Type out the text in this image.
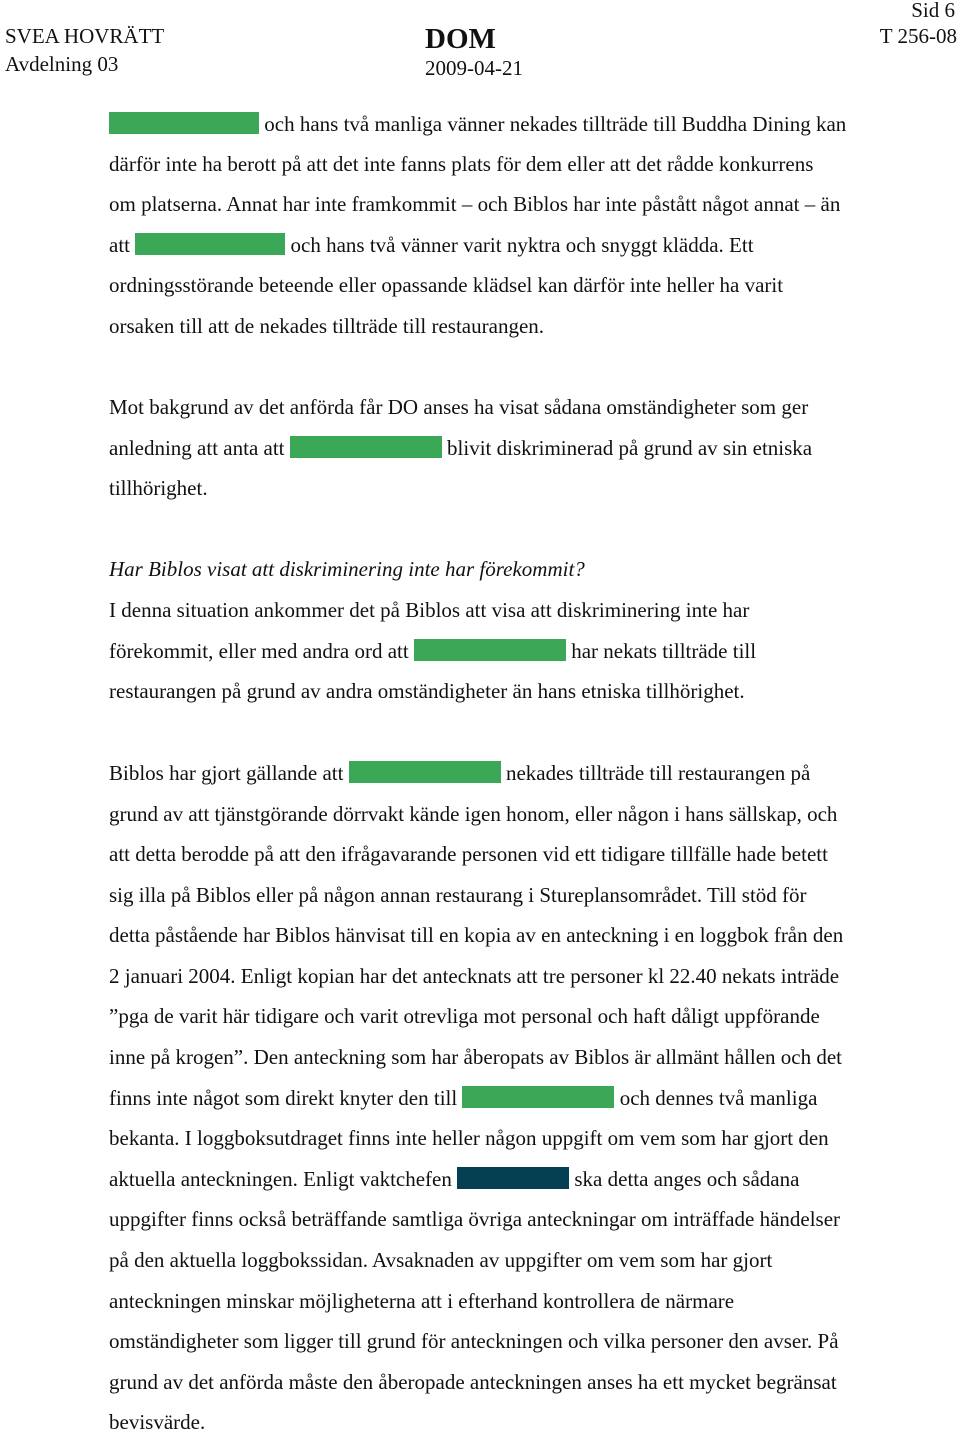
SVEA HOVRÄTT
Avdelning 03
DOM
2009-04-21
Sid 6
T 256-08
och hans två manliga vänner nekades tillträde till Buddha Dining kan
därför inte ha berott på att det inte fanns plats för dem eller att det rådde konkurrens
om platserna. Annat har inte framkommit – och Biblos har inte påstått något annat – än
att	och hans två vänner varit nyktra och snyggt klädda. Ett
ordningsstörande beteende eller opassande klädsel kan därför inte heller ha varit
orsaken till att de nekades tillträde till restaurangen.
Mot bakgrund av det anförda får DO anses ha visat sådana omständigheter som ger
anledning att anta att	blivit diskriminerad på grund av sin etniska
tillhörighet.
Har Biblos visat att diskriminering inte har förekommit?
I denna situation ankommer det på Biblos att visa att diskriminering inte har
förekommit, eller med andra ord att	har nekats tillträde till
restaurangen på grund av andra omständigheter än hans etniska tillhörighet.
Biblos har gjort gällande att	nekades tillträde till restaurangen på
grund av att tjänstgörande dörrvakt kände igen honom, eller någon i hans sällskap, och
att detta berodde på att den ifrågavarande personen vid ett tidigare tillfälle hade betett
sig illa på Biblos eller på någon annan restaurang i Stureplansområdet. Till stöd för
detta påstående har Biblos hänvisat till en kopia av en anteckning i en loggbok från den
2 januari 2004. Enligt kopian har det antecknats att tre personer kl 22.40 nekats inträde
”pga de varit här tidigare och varit otrevliga mot personal och haft dåligt uppförande
inne på krogen”. Den anteckning som har åberopats av Biblos är allmänt hållen och det
finns inte något som direkt knyter den till	och dennes två manliga
bekanta. I loggboksutdraget finns inte heller någon uppgift om vem som har gjort den
aktuella anteckningen. Enligt vaktchefen	ska detta anges och sådana
uppgifter finns också beträffande samtliga övriga anteckningar om inträffade händelser
på den aktuella loggbokssidan. Avsaknaden av uppgifter om vem som har gjort
anteckningen minskar möjligheterna att i efterhand kontrollera de närmare
omständigheter som ligger till grund för anteckningen och vilka personer den avser. På
grund av det anförda måste den åberopade anteckningen anses ha ett mycket begränsat
bevisvärde.
